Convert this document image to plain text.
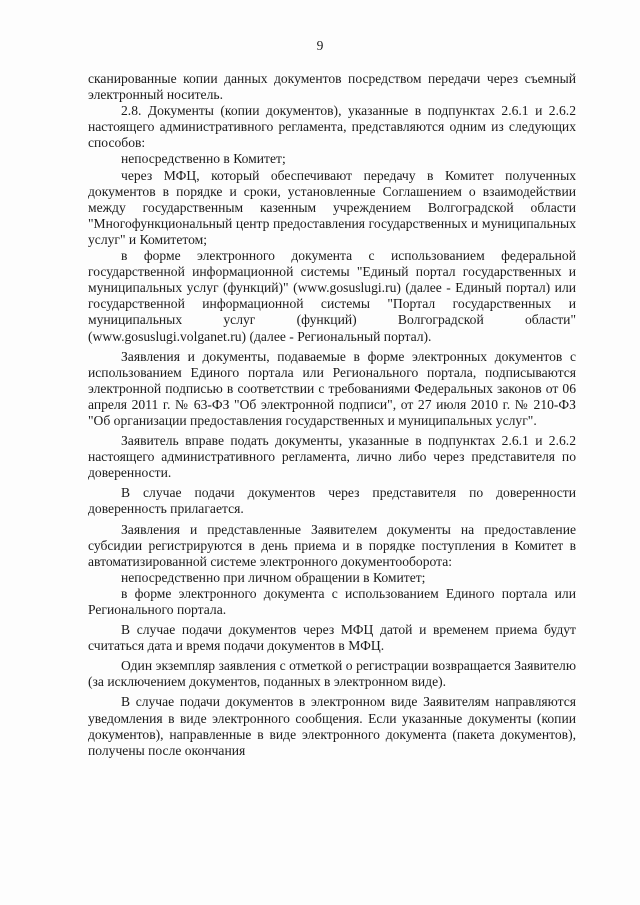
9

сканированные копии данных документов посредством передачи через съемный электронный носитель.

2.8. Документы (копии документов), указанные в подпунктах 2.6.1 и 2.6.2 настоящего административного регламента, представляются одним из следующих способов:

непосредственно в Комитет;

через МФЦ, который обеспечивают передачу в Комитет полученных документов в порядке и сроки, установленные Соглашением о взаимодействии между государственным казенным учреждением Волгоградской области "Многофункциональный центр предоставления государственных и муниципальных услуг" и Комитетом;

в форме электронного документа с использованием федеральной государственной информационной системы "Единый портал государственных и муниципальных услуг (функций)" (www.gosuslugi.ru) (далее - Единый портал) или государственной информационной системы "Портал государственных и муниципальных услуг (функций) Волгоградской области" (www.gosuslugi.volganet.ru) (далее - Региональный портал).

Заявления и документы, подаваемые в форме электронных документов с использованием Единого портала или Регионального портала, подписываются электронной подписью в соответствии с требованиями Федеральных законов от 06 апреля 2011 г. № 63-ФЗ "Об электронной подписи", от 27 июля 2010 г. № 210-ФЗ "Об организации предоставления государственных и муниципальных услуг".

Заявитель вправе подать документы, указанные в подпунктах 2.6.1 и 2.6.2 настоящего административного регламента, лично либо через представителя по доверенности.

В случае подачи документов через представителя по доверенности доверенность прилагается.

Заявления и представленные Заявителем документы на предоставление субсидии регистрируются в день приема и в порядке поступления в Комитет в автоматизированной системе электронного документооборота:

непосредственно при личном обращении в Комитет;

в форме электронного документа с использованием Единого портала или Регионального портала.

В случае подачи документов через МФЦ датой и временем приема будут считаться дата и время подачи документов в МФЦ.

Один экземпляр заявления с отметкой о регистрации возвращается Заявителю (за исключением документов, поданных в электронном виде).

В случае подачи документов в электронном виде Заявителям направляются уведомления в виде электронного сообщения. Если указанные документы (копии документов), направленные в виде электронного документа (пакета документов), получены после окончания
